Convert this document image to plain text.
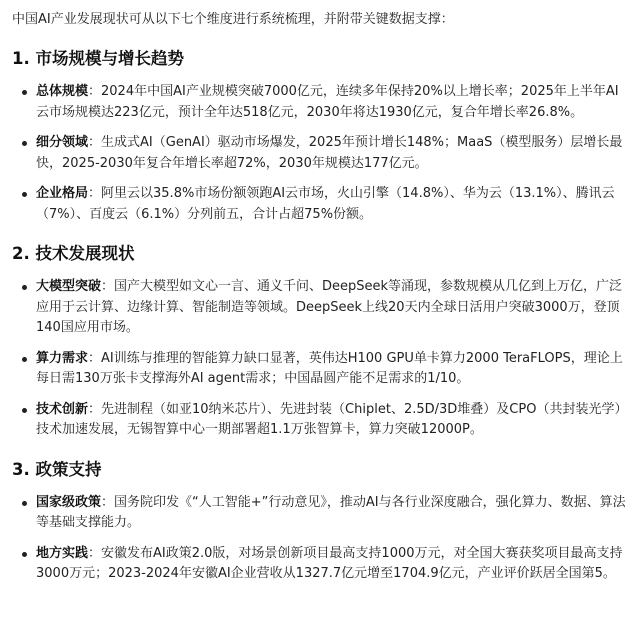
中国AI产业发展现状可从以下七个维度进行系统梳理，并附带关键数据支撑：

1. 市场规模与增长趋势
总体规模：2024年中国AI产业规模突破7000亿元，连续多年保持20%以上增长率；2025年上半年AI云市场规模达223亿元，预计全年达518亿元，2030年将达1930亿元，复合年增长率26.8%。
细分领域：生成式AI（GenAI）驱动市场爆发，2025年预计增长148%；MaaS（模型服务）层增长最快，2025-2030年复合年增长率超72%，2030年规模达177亿元。
企业格局：阿里云以35.8%市场份额领跑AI云市场，火山引擎（14.8%）、华为云（13.1%）、腾讯云（7%）、百度云（6.1%）分列前五，合计占超75%份额。
2. 技术发展现状
大模型突破：国产大模型如文心一言、通义千问、DeepSeek等涌现，参数规模从几亿到上万亿，广泛应用于云计算、边缘计算、智能制造等领域。DeepSeek上线20天内全球日活用户突破3000万，登顶140国应用市场。
算力需求：AI训练与推理的智能算力缺口显著，英伟达H100 GPU单卡算力2000 TeraFLOPS，理论上每日需130万张卡支撑海外AI agent需求；中国晶圆产能不足需求的1/10。
技术创新：先进制程（如亚10纳米芯片）、先进封装（Chiplet、2.5D/3D堆叠）及CPO（共封装光学）技术加速发展，无锡智算中心一期部署超1.1万张智算卡，算力突破12000P。
3. 政策支持
国家级政策：国务院印发《“人工智能+”行动意见》，推动AI与各行业深度融合，强化算力、数据、算法等基础支撑能力。
地方实践：安徽发布AI政策2.0版，对场景创新项目最高支持1000万元，对全国大赛获奖项目最高支持3000万元；2023-2024年安徽AI企业营收从1327.7亿元增至1704.9亿元，产业评价跃居全国第5。
